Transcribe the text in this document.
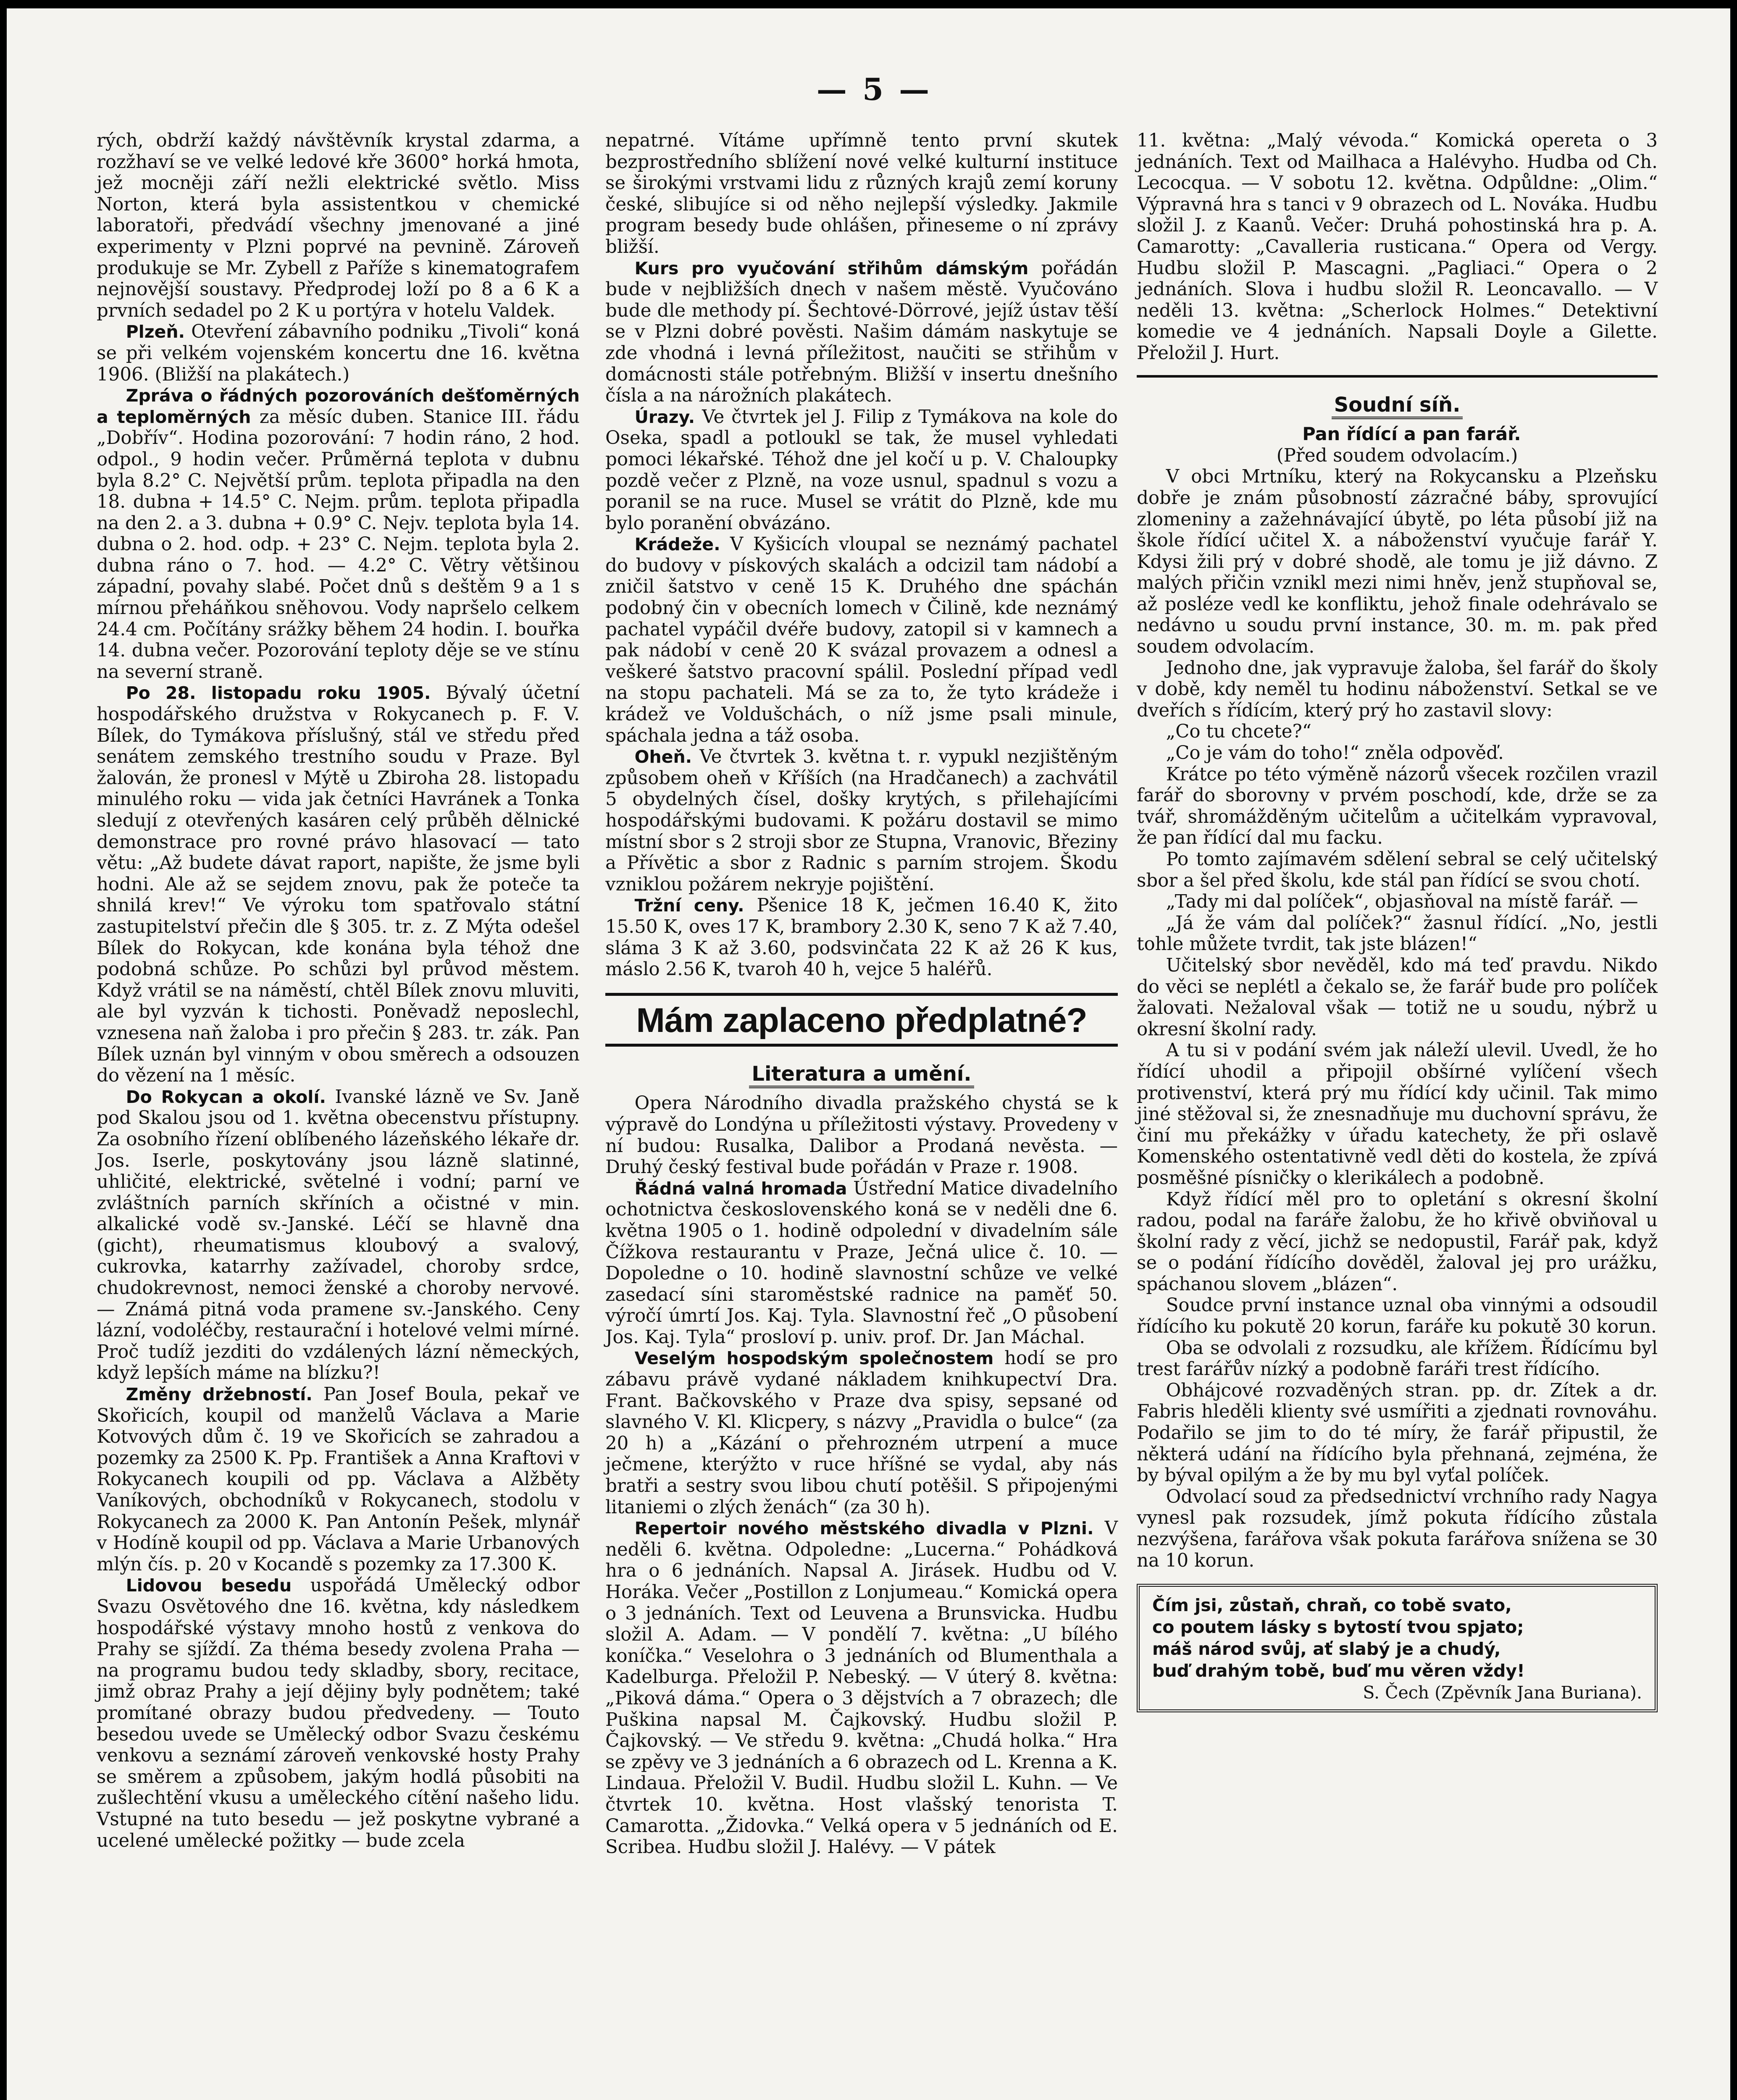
— 5 —

rých, obdrží každý návštěvník krystal zdarma, a rozžhaví se ve velké ledové kře 3600° horká hmota, jež mocněji září nežli elektrické světlo. Miss Norton, která byla assistentkou v chemické laboratoři, předvádí všechny jmenované a jiné experimenty v Plzni poprvé na pevnině. Zároveň produkuje se Mr. Zybell z Paříže s kinematografem nejnovější soustavy. Předprodej loží po 8 a 6 K a prvních sedadel po 2 K u portýra v hotelu Valdek.

Plzeň. Otevření zábavního podniku „Tivoli“ koná se při velkém vojenském koncertu dne 16. května 1906. (Bližší na plakátech.)

Zpráva o řádných pozorováních dešťoměrných a teploměrných za měsíc duben. Stanice III. řádu „Dobřív“. Hodina pozorování: 7 hodin ráno, 2 hod. odpol., 9 hodin večer. Průměrná teplota v dubnu byla 8.2° C. Největší prům. teplota připadla na den 18. dubna + 14.5° C. Nejm. prům. teplota připadla na den 2. a 3. dubna + 0.9° C. Nejv. teplota byla 14. dubna o 2. hod. odp. + 23° C. Nejm. teplota byla 2. dubna ráno o 7. hod. — 4.2° C. Větry většinou západní, povahy slabé. Počet dnů s deštěm 9 a 1 s mírnou přeháňkou sněhovou. Vody napršelo celkem 24.4 cm. Počítány srážky během 24 hodin. I. bouřka 14. dubna večer. Pozorování teploty děje se ve stínu na severní straně.

Po 28. listopadu roku 1905. Bývalý účetní hospodářského družstva v Rokycanech p. F. V. Bílek, do Tymákova příslušný, stál ve středu před senátem zemského trestního soudu v Praze. Byl žalován, že pronesl v Mýtě u Zbiroha 28. listopadu minulého roku — vida jak četníci Havránek a Tonka sledují z otevřených kasáren celý průběh dělnické demonstrace pro rovné právo hlasovací — tato větu: „Až budete dávat raport, napište, že jsme byli hodni. Ale až se sejdem znovu, pak že poteče ta shnilá krev!“ Ve výroku tom spatřovalo státní zastupitelství přečin dle § 305. tr. z. Z Mýta odešel Bílek do Rokycan, kde konána byla téhož dne podobná schůze. Po schůzi byl průvod městem. Když vrátil se na náměstí, chtěl Bílek znovu mluviti, ale byl vyzván k tichosti. Poněvadž neposlechl, vznesena naň žaloba i pro přečin § 283. tr. zák. Pan Bílek uznán byl vinným v obou směrech a odsouzen do vězení na 1 měsíc.

Do Rokycan a okolí. Ivanské lázně ve Sv. Janě pod Skalou jsou od 1. května obecenstvu přístupny. Za osobního řízení oblíbeného lázeňského lékaře dr. Jos. Iserle, poskytovány jsou lázně slatinné, uhličité, elektrické, světelné i vodní; parní ve zvláštních parních skříních a očistné v min. alkalické vodě sv.-Janské. Léčí se hlavně dna (gicht), rheumatismus kloubový a svalový, cukrovka, katarrhy zažívadel, choroby srdce, chudokrevnost, nemoci ženské a choroby nervové. — Známá pitná voda pramene sv.-Janského. Ceny lázní, vodoléčby, restaurační i hotelové velmi mírné. Proč tudíž jezditi do vzdálených lázní německých, když lepších máme na blízku?!

Změny držebností. Pan Josef Boula, pekař ve Skořicích, koupil od manželů Václava a Marie Kotvových dům č. 19 ve Skořicích se zahradou a pozemky za 2500 K. Pp. František a Anna Kraftovi v Rokycanech koupili od pp. Václava a Alžběty Vaníkových, obchodníků v Rokycanech, stodolu v Rokycanech za 2000 K. Pan Antonín Pešek, mlynář v Hodíně koupil od pp. Václava a Marie Urbanových mlýn čís. p. 20 v Kocandě s pozemky za 17.300 K.

Lidovou besedu uspořádá Umělecký odbor Svazu Osvětového dne 16. května, kdy následkem hospodářské výstavy mnoho hostů z venkova do Prahy se sjíždí. Za théma besedy zvolena Praha — na programu budou tedy skladby, sbory, recitace, jimž obraz Prahy a její dějiny byly podnětem; také promítané obrazy budou předvedeny. — Touto besedou uvede se Umělecký odbor Svazu českému venkovu a seznámí zároveň venkovské hosty Prahy se směrem a způsobem, jakým hodlá působiti na zušlechtění vkusu a uměleckého cítění našeho lidu. Vstupné na tuto besedu — jež poskytne vybrané a ucelené umělecké požitky — bude zcela

nepatrné. Vítáme upřímně tento první skutek bezprostředního sblížení nové velké kulturní instituce se širokými vrstvami lidu z různých krajů zemí koruny české, slibujíce si od něho nejlepší výsledky. Jakmile program besedy bude ohlášen, přineseme o ní zprávy bližší.

Kurs pro vyučování střihům dámským pořádán bude v nejbližších dnech v našem městě. Vyučováno bude dle methody pí. Šechtové-Dörrové, jejíž ústav těší se v Plzni dobré pověsti. Našim dámám naskytuje se zde vhodná i levná příležitost, naučiti se střihům v domácnosti stále potřebným. Bližší v insertu dnešního čísla a na nárožních plakátech.

Úrazy. Ve čtvrtek jel J. Filip z Tymákova na kole do Oseka, spadl a potloukl se tak, že musel vyhledati pomoci lékařské. Téhož dne jel kočí u p. V. Chaloupky pozdě večer z Plzně, na voze usnul, spadnul s vozu a poranil se na ruce. Musel se vrátit do Plzně, kde mu bylo poranění obvázáno.

Krádeže. V Kyšicích vloupal se neznámý pachatel do budovy v pískových skalách a odcizil tam nádobí a zničil šatstvo v ceně 15 K. Druhého dne spáchán podobný čin v obecních lomech v Čilině, kde neznámý pachatel vypáčil dvéře budovy, zatopil si v kamnech a pak nádobí v ceně 20 K svázal provazem a odnesl a veškeré šatstvo pracovní spálil. Poslední případ vedl na stopu pachateli. Má se za to, že tyto krádeže i krádež ve Voldušchách, o níž jsme psali minule, spáchala jedna a táž osoba.

Oheň. Ve čtvrtek 3. května t. r. vypukl nezjištěným způsobem oheň v Kříších (na Hradčanech) a zachvátil 5 obydelných čísel, došky krytých, s přilehajícími hospodářskými budovami. K požáru dostavil se mimo místní sbor s 2 stroji sbor ze Stupna, Vranovic, Březiny a Přívětic a sbor z Radnic s parním strojem. Škodu vzniklou požárem nekryje pojištění.

Tržní ceny. Pšenice 18 K, ječmen 16.40 K, žito 15.50 K, oves 17 K, brambory 2.30 K, seno 7 K až 7.40, sláma 3 K až 3.60, podsvinčata 22 K až 26 K kus, máslo 2.56 K, tvaroh 40 h, vejce 5 haléřů.

Mám zaplaceno předplatné?
Literatura a umění.

Opera Národního divadla pražského chystá se k výpravě do Londýna u příležitosti výstavy. Provedeny v ní budou: Rusalka, Dalibor a Prodaná nevěsta. — Druhý český festival bude pořádán v Praze r. 1908.

Řádná valná hromada Ústřední Matice divadelního ochotnictva československého koná se v neděli dne 6. května 1905 o 1. hodině odpolední v divadelním sále Čížkova restaurantu v Praze, Ječná ulice č. 10. — Dopoledne o 10. hodině slavnostní schůze ve velké zasedací síni staroměstské radnice na paměť 50. výročí úmrtí Jos. Kaj. Tyla. Slavnostní řeč „O působení Jos. Kaj. Tyla“ prosloví p. univ. prof. Dr. Jan Máchal.

Veselým hospodským společnostem hodí se pro zábavu právě vydané nákladem knihkupectví Dra. Frant. Bačkovského v Praze dva spisy, sepsané od slavného V. Kl. Klicpery, s názvy „Pravidla o bulce“ (za 20 h) a „Kázání o přehrozném utrpení a muce ječmene, kterýžto v ruce hříšné se vydal, aby nás bratři a sestry svou libou chutí potěšil. S připojenými litaniemi o zlých ženách“ (za 30 h).

Repertoir nového městského divadla v Plzni. V neděli 6. května. Odpoledne: „Lucerna.“ Pohádková hra o 6 jednáních. Napsal A. Jirásek. Hudbu od V. Horáka. Večer „Postillon z Lonjumeau.“ Komická opera o 3 jednáních. Text od Leuvena a Brunsvicka. Hudbu složil A. Adam. — V pondělí 7. května: „U bílého koníčka.“ Veselohra o 3 jednáních od Blumenthala a Kadelburga. Přeložil P. Nebeský. — V úterý 8. května: „Piková dáma.“ Opera o 3 dějstvích a 7 obrazech; dle Puškina napsal M. Čajkovský. Hudbu složil P. Čajkovský. — Ve středu 9. května: „Chudá holka.“ Hra se zpěvy ve 3 jednáních a 6 obrazech od L. Krenna a K. Lindaua. Přeložil V. Budil. Hudbu složil L. Kuhn. — Ve čtvrtek 10. května. Host vlašský tenorista T. Camarotta. „Židovka.“ Velká opera v 5 jednáních od E. Scribea. Hudbu složil J. Halévy. — V pátek

11. května: „Malý vévoda.“ Komická opereta o 3 jednáních. Text od Mailhaca a Halévyho. Hudba od Ch. Lecocqua. — V sobotu 12. května. Odpůldne: „Olim.“ Výpravná hra s tanci v 9 obrazech od L. Nováka. Hudbu složil J. z Kaanů. Večer: Druhá pohostinská hra p. A. Camarotty: „Cavalleria rusticana.“ Opera od Vergy. Hudbu složil P. Mascagni. „Pagliaci.“ Opera o 2 jednáních. Slova i hudbu složil R. Leoncavallo. — V neděli 13. května: „Scherlock Holmes.“ Detektivní komedie ve 4 jednáních. Napsali Doyle a Gilette. Přeložil J. Hurt.

Soudní síň.

Pan řídící a pan farář.

(Před soudem odvolacím.)

V obci Mrtníku, který na Rokycansku a Plzeňsku dobře je znám působností zázračné báby, sprovující zlomeniny a zažehnávající úbytě, po léta působí již na škole řídící učitel X. a náboženství vyučuje farář Y. Kdysi žili prý v dobré shodě, ale tomu je již dávno. Z malých přičin vznikl mezi nimi hněv, jenž stupňoval se, až posléze vedl ke konfliktu, jehož finale odehrávalo se nedávno u soudu první instance, 30. m. m. pak před soudem odvolacím.

Jednoho dne, jak vypravuje žaloba, šel farář do školy v době, kdy neměl tu hodinu náboženství. Setkal se ve dveřích s řídícím, který prý ho zastavil slovy:

„Co tu chcete?“

„Co je vám do toho!“ zněla odpověď.

Krátce po této výměně názorů všecek rozčilen vrazil farář do sborovny v prvém poschodí, kde, drže se za tvář, shromážděným učitelům a učitelkám vypravoval, že pan řídící dal mu facku.

Po tomto zajímavém sdělení sebral se celý učitelský sbor a šel před školu, kde stál pan řídící se svou chotí.

„Tady mi dal políček“, objasňoval na místě farář. —

„Já že vám dal políček?“ žasnul řídící. „No, jestli tohle můžete tvrdit, tak jste blázen!“

Učitelský sbor nevěděl, kdo má teď pravdu. Nikdo do věci se neplétl a čekalo se, že farář bude pro políček žalovati. Nežaloval však — totiž ne u soudu, nýbrž u okresní školní rady.

A tu si v podání svém jak náleží ulevil. Uvedl, že ho řídící uhodil a připojil obšírné vylíčení všech protivenství, která prý mu řídící kdy učinil. Tak mimo jiné stěžoval si, že znesnadňuje mu duchovní správu, že činí mu překážky v úřadu katechety, že při oslavě Komenského ostentativně vedl děti do kostela, že zpívá posměšné písničky o klerikálech a podobně.

Když řídící měl pro to opletání s okresní školní radou, podal na faráře žalobu, že ho křivě obviňoval u školní rady z věcí, jichž se nedopustil, Farář pak, když se o podání řídícího dověděl, žaloval jej pro urážku, spáchanou slovem „blázen“.

Soudce první instance uznal oba vinnými a odsoudil řídícího ku pokutě 20 korun, faráře ku pokutě 30 korun.

Oba se odvolali z rozsudku, ale křížem. Řídícímu byl trest farářův nízký a podobně faráři trest řídícího.

Obhájcové rozvaděných stran. pp. dr. Zítek a dr. Fabris hleděli klienty své usmířiti a zjednati rovnováhu. Podařilo se jim to do té míry, že farář připustil, že některá udání na řídícího byla přehnaná, zejména, že by býval opilým a že by mu byl vyťal políček.

Odvolací soud za předsednictví vrchního rady Nagya vynesl pak rozsudek, jímž pokuta řídícího zůstala nezvýšena, farářova však pokuta farářova snížena se 30 na 10 korun.

Čím jsi, zůstaň, chraň, co tobě svato,
co poutem lásky s bytostí tvou spjato;
máš národ svůj, ať slabý je a chudý,
buď drahým tobě, buď mu věren vždy!
S. Čech (Zpěvník Jana Buriana).
